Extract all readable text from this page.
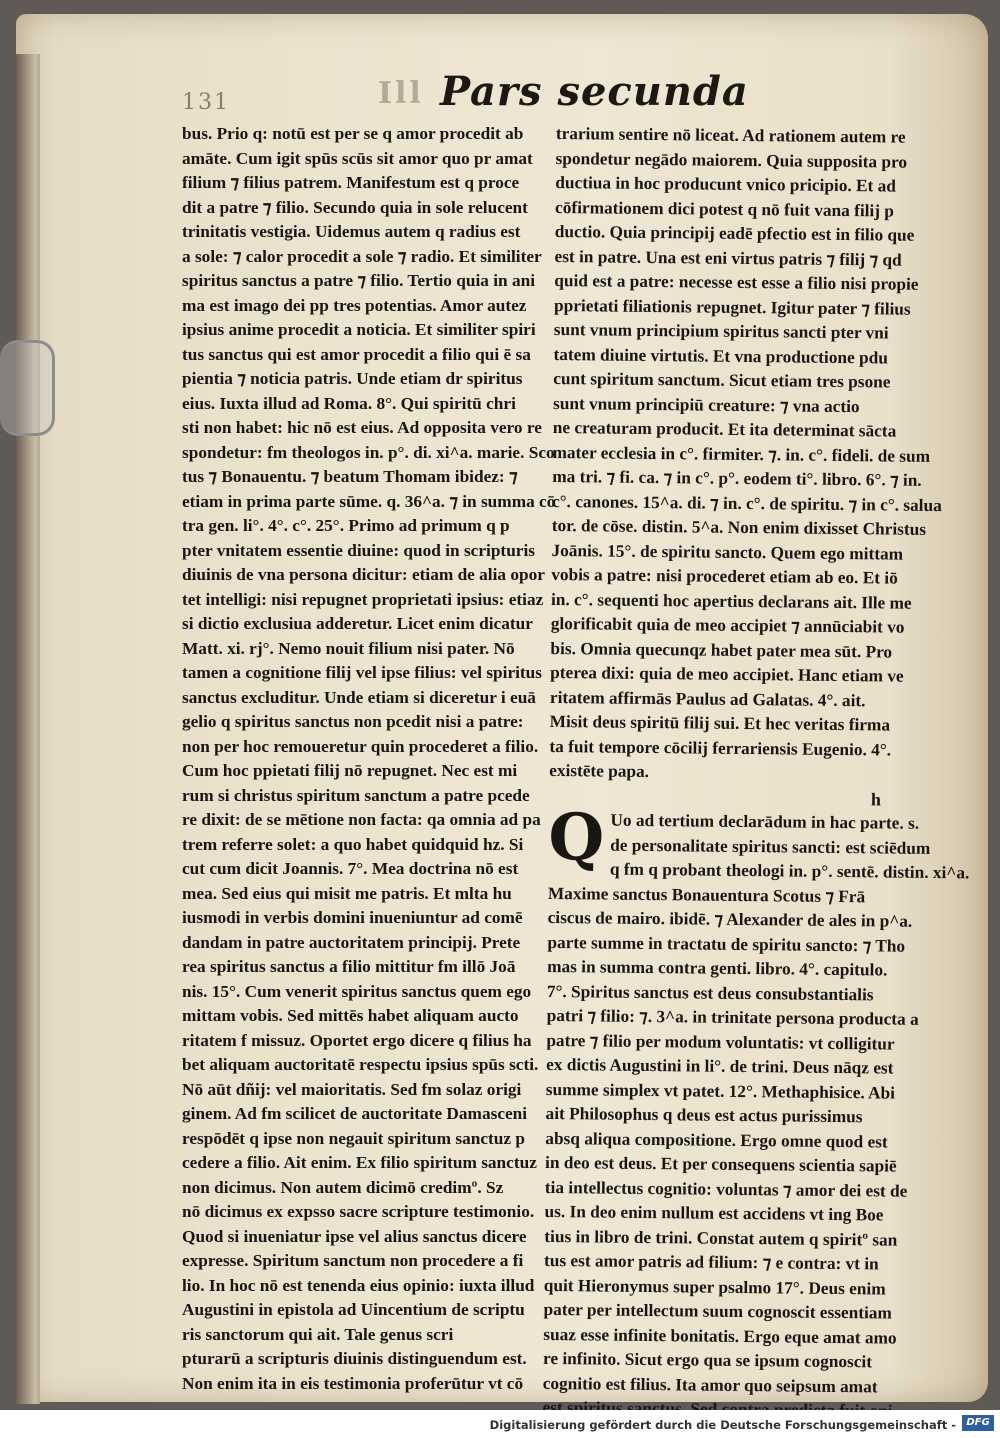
131	Ill Pars secunda
bus. Prio q: notū est per se q amor procedit ab
amāte. Cum igit spūs scūs sit amor quo pr amat
filium ⁊ filius patrem. Manifestum est q proce
dit a patre ⁊ filio. Secundo quia in sole relucent
trinitatis vestigia. Uidemus autem q radius est
a sole: ⁊ calor procedit a sole ⁊ radio. Et similiter
spiritus sanctus a patre ⁊ filio. Tertio quia in ani
ma est imago dei pp tres potentias. Amor autez
ipsius anime procedit a noticia. Et similiter spiri
tus sanctus qui est amor procedit a filio qui ē sa
pientia ⁊ noticia patris. Unde etiam dr spiritus
eius. Iuxta illud ad Roma. 8°. Qui spiritū chri
sti non habet: hic nō est eius. Ad opposita vero re
spondetur: fm theologos in. p°. di. xi^a. marie. Sco
tus ⁊ Bonauentu. ⁊ beatum Thomam ibidez: ⁊
etiam in prima parte sūme. q. 36^a. ⁊ in summa cō
tra gen. li°. 4°. c°. 25°. Primo ad primum q p
pter vnitatem essentie diuine: quod in scripturis
diuinis de vna persona dicitur: etiam de alia opor
tet intelligi: nisi repugnet proprietati ipsius: etiaz
si dictio exclusiua adderetur. Licet enim dicatur
Matt. xi. rj°. Nemo nouit filium nisi pater. Nō
tamen a cognitione filij vel ipse filius: vel spiritus
sanctus excluditur. Unde etiam si diceretur i euā
gelio q spiritus sanctus non pcedit nisi a patre:
non per hoc remoueretur quin procederet a filio.
Cum hoc ppietati filij nō repugnet. Nec est mi
rum si christus spiritum sanctum a patre pcede
re dixit: de se mētione non facta: qa omnia ad pa
trem referre solet: a quo habet quidquid hz. Si
cut cum dicit Joannis. 7°. Mea doctrina nō est
mea. Sed eius qui misit me patris. Et mlta hu
iusmodi in verbis domini inueniuntur ad comē
dandam in patre auctoritatem principij. Prete
rea spiritus sanctus a filio mittitur fm illō Joā
nis. 15°. Cum venerit spiritus sanctus quem ego
mittam vobis. Sed mittēs habet aliquam aucto
ritatem f missuz. Oportet ergo dicere q filius ha
bet aliquam auctoritatē respectu ipsius spūs scti.
Nō aūt dñij: vel maioritatis. Sed fm solaz origi
ginem. Ad fm scilicet de auctoritate Damasceni
respōdēt q ipse non negauit spiritum sanctuz p
cedere a filio. Ait enim. Ex filio spiritum sanctuz
non dicimus. Non autem dicimō credimº. Sz
nō dicimus ex expsso sacre scripture testimonio.
Quod si inueniatur ipse vel alius sanctus dicere
expresse. Spiritum sanctum non procedere a fi
lio. In hoc nō est tenenda eius opinio: iuxta illud
Augustini in epistola ad Uincentium de scriptu
ris sanctorum qui ait. Tale genus scri
pturarū a scripturis diuinis distinguendum est.
Non enim ita in eis testimonia proferūtur vt cō
trarium sentire nō liceat. Ad rationem autem re
spondetur negādo maiorem. Quia supposita pro
ductiua in hoc producunt vnico pricipio. Et ad
cōfirmationem dici potest q nō fuit vana filij p
ductio. Quia principij eadē pfectio est in filio que
est in patre. Una est eni virtus patris ⁊ filij ⁊ qd
quid est a patre: necesse est esse a filio nisi propie
pprietati filiationis repugnet. Igitur pater ⁊ filius
sunt vnum principium spiritus sancti pter vni
tatem diuine virtutis. Et vna productione pdu
cunt spiritum sanctum. Sicut etiam tres psone
sunt vnum principiū creature: ⁊ vna actio
ne creaturam producit. Et ita determinat sācta
mater ecclesia in c°. firmiter. ⁊. in. c°. fideli. de sum
ma tri. ⁊ fi. ca. ⁊ in c°. p°. eodem ti°. libro. 6°. ⁊ in.
c°. canones. 15^a. di. ⁊ in. c°. de spiritu. ⁊ in c°. salua
tor. de cōse. distin. 5^a. Non enim dixisset Christus
Joānis. 15°. de spiritu sancto. Quem ego mittam
vobis a patre: nisi procederet etiam ab eo. Et iō
in. c°. sequenti hoc apertius declarans ait. Ille me
glorificabit quia de meo accipiet ⁊ annūciabit vo
bis. Omnia quecunqz habet pater mea sūt. Pro
pterea dixi: quia de meo accipiet. Hanc etiam ve
ritatem affirmās Paulus ad Galatas. 4°. ait.
Misit deus spiritū filij sui. Et hec veritas firma
ta fuit tempore cōcilij ferrariensis Eugenio. 4°.
existēte papa.
h
Q Uo ad tertium declarādum in hac parte. s.
de personalitate spiritus sancti: est sciēdum
q fm q probant theologi in. p°. sentē. distin. xi^a.
Maxime sanctus Bonauentura Scotus ⁊ Frā
ciscus de mairo. ibidē. ⁊ Alexander de ales in p^a.
parte summe in tractatu de spiritu sancto: ⁊ Tho
mas in summa contra genti. libro. 4°. capitulo.
7°. Spiritus sanctus est deus consubstantialis
patri ⁊ filio: ⁊. 3^a. in trinitate persona producta a
patre ⁊ filio per modum voluntatis: vt colligitur
ex dictis Augustini in li°. de trini. Deus nāqz est
summe simplex vt patet. 12°. Methaphisice. Abi
ait Philosophus q deus est actus purissimus
absq aliqua compositione. Ergo omne quod est
in deo est deus. Et per consequens scientia sapiē
tia intellectus cognitio: voluntas ⁊ amor dei est de
us. In deo enim nullum est accidens vt ing Boe
tius in libro de trini. Constat autem q spiritº san
tus est amor patris ad filium: ⁊ e contra: vt in
quit Hieronymus super psalmo 17°. Deus enim
pater per intellectum suum cognoscit essentiam
suaz esse infinite bonitatis. Ergo eque amat amo
re infinito. Sicut ergo qua se ipsum cognoscit
cognitio est filius. Ita amor quo seipsum amat
Digitalisierung gefördert durch die Deutsche Forschungsgemeinschaft -	DFG
